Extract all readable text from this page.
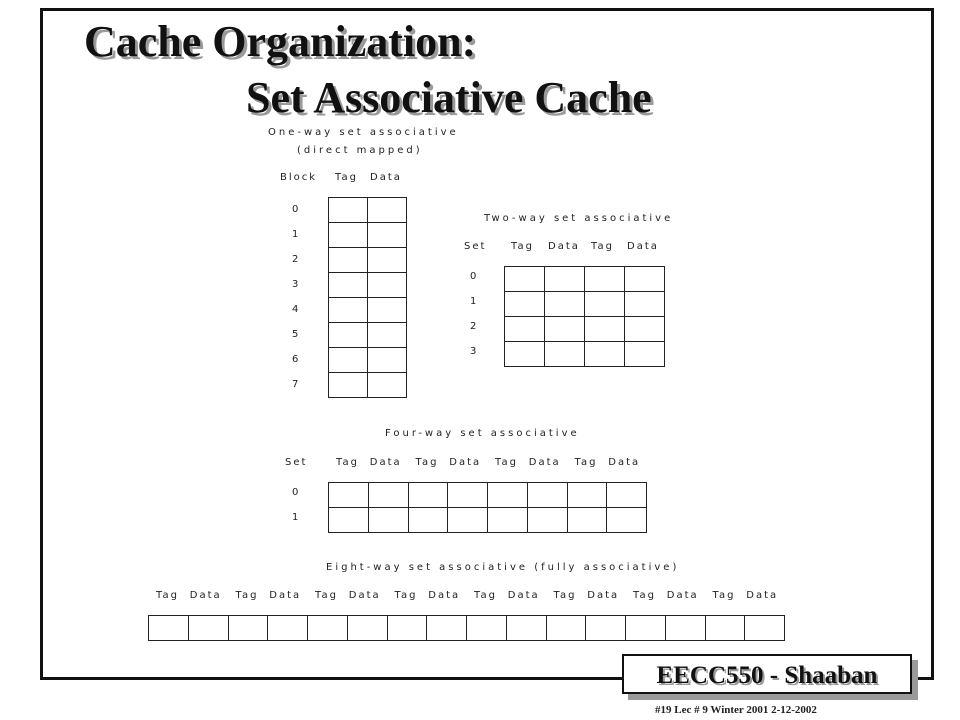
Cache Organization:
Set Associative Cache
One-way set associative
(direct mapped)
Block Tag Data
0
1
2
3
4
5
6
7
Two-way set associative
Set Tag Data Tag Data
0
1
2
3
Four-way set associative
Set	Tag Data Tag Data Tag Data Tag Data
0
1
Eight-way set associative (fully associative)
Tag Data Tag Data Tag Data Tag Data Tag Data Tag Data Tag Data Tag Data
EECC550 - Shaaban
#19 Lec # 9 Winter 2001 2-12-2002
